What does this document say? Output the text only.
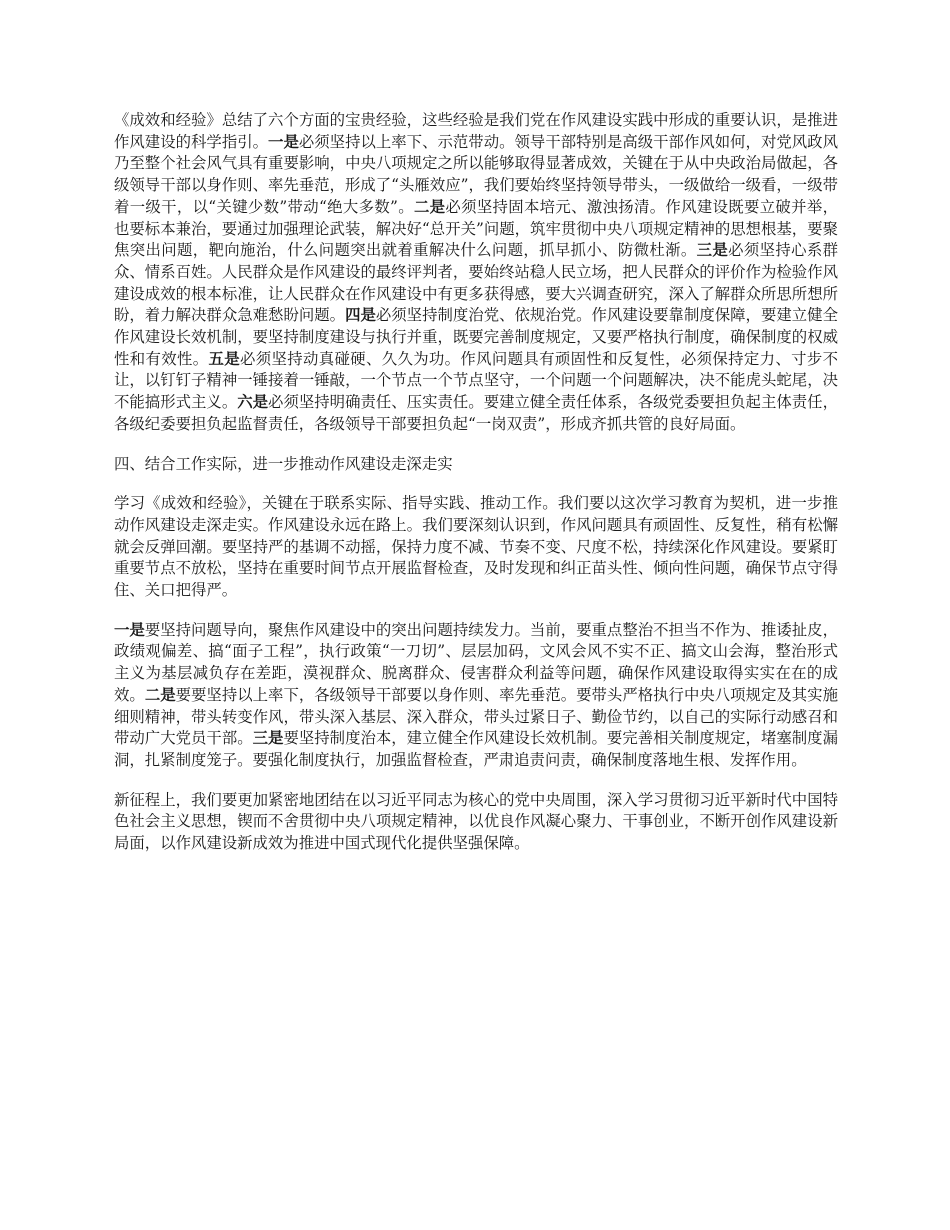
《成效和经验》总结了六个方面的宝贵经验，这些经验是我们党在作风建设实践中形成的重要认识，是推进作风建设的科学指引。一是必须坚持以上率下、示范带动。领导干部特别是高级干部作风如何，对党风政风乃至整个社会风气具有重要影响，中央八项规定之所以能够取得显著成效，关键在于从中央政治局做起，各级领导干部以身作则、率先垂范，形成了“头雁效应”，我们要始终坚持领导带头，一级做给一级看，一级带着一级干，以“关键少数”带动“绝大多数”。二是必须坚持固本培元、激浊扬清。作风建设既要立破并举，也要标本兼治，要通过加强理论武装，解决好“总开关”问题，筑牢贯彻中央八项规定精神的思想根基，要聚焦突出问题，靶向施治，什么问题突出就着重解决什么问题，抓早抓小、防微杜渐。三是必须坚持心系群众、情系百姓。人民群众是作风建设的最终评判者，要始终站稳人民立场，把人民群众的评价作为检验作风建设成效的根本标准，让人民群众在作风建设中有更多获得感，要大兴调查研究，深入了解群众所思所想所盼，着力解决群众急难愁盼问题。四是必须坚持制度治党、依规治党。作风建设要靠制度保障，要建立健全作风建设长效机制，要坚持制度建设与执行并重，既要完善制度规定，又要严格执行制度，确保制度的权威性和有效性。五是必须坚持动真碰硬、久久为功。作风问题具有顽固性和反复性，必须保持定力、寸步不让，以钉钉子精神一锤接着一锤敲，一个节点一个节点坚守，一个问题一个问题解决，决不能虎头蛇尾，决不能搞形式主义。六是必须坚持明确责任、压实责任。要建立健全责任体系，各级党委要担负起主体责任，各级纪委要担负起监督责任，各级领导干部要担负起“一岗双责”，形成齐抓共管的良好局面。

四、结合工作实际，进一步推动作风建设走深走实

学习《成效和经验》，关键在于联系实际、指导实践、推动工作。我们要以这次学习教育为契机，进一步推动作风建设走深走实。作风建设永远在路上。我们要深刻认识到，作风问题具有顽固性、反复性，稍有松懈就会反弹回潮。要坚持严的基调不动摇，保持力度不减、节奏不变、尺度不松，持续深化作风建设。要紧盯重要节点不放松，坚持在重要时间节点开展监督检查，及时发现和纠正苗头性、倾向性问题，确保节点守得住、关口把得严。

一是要坚持问题导向，聚焦作风建设中的突出问题持续发力。当前，要重点整治不担当不作为、推诿扯皮，政绩观偏差、搞“面子工程”，执行政策“一刀切”、层层加码，文风会风不实不正、搞文山会海，整治形式主义为基层减负存在差距，漠视群众、脱离群众、侵害群众利益等问题，确保作风建设取得实实在在的成效。二是要要坚持以上率下，各级领导干部要以身作则、率先垂范。要带头严格执行中央八项规定及其实施细则精神，带头转变作风，带头深入基层、深入群众，带头过紧日子、勤俭节约，以自己的实际行动感召和带动广大党员干部。三是要坚持制度治本，建立健全作风建设长效机制。要完善相关制度规定，堵塞制度漏洞，扎紧制度笼子。要强化制度执行，加强监督检查，严肃追责问责，确保制度落地生根、发挥作用。

新征程上，我们要更加紧密地团结在以习近平同志为核心的党中央周围，深入学习贯彻习近平新时代中国特色社会主义思想，锲而不舍贯彻中央八项规定精神，以优良作风凝心聚力、干事创业，不断开创作风建设新局面，以作风建设新成效为推进中国式现代化提供坚强保障。
